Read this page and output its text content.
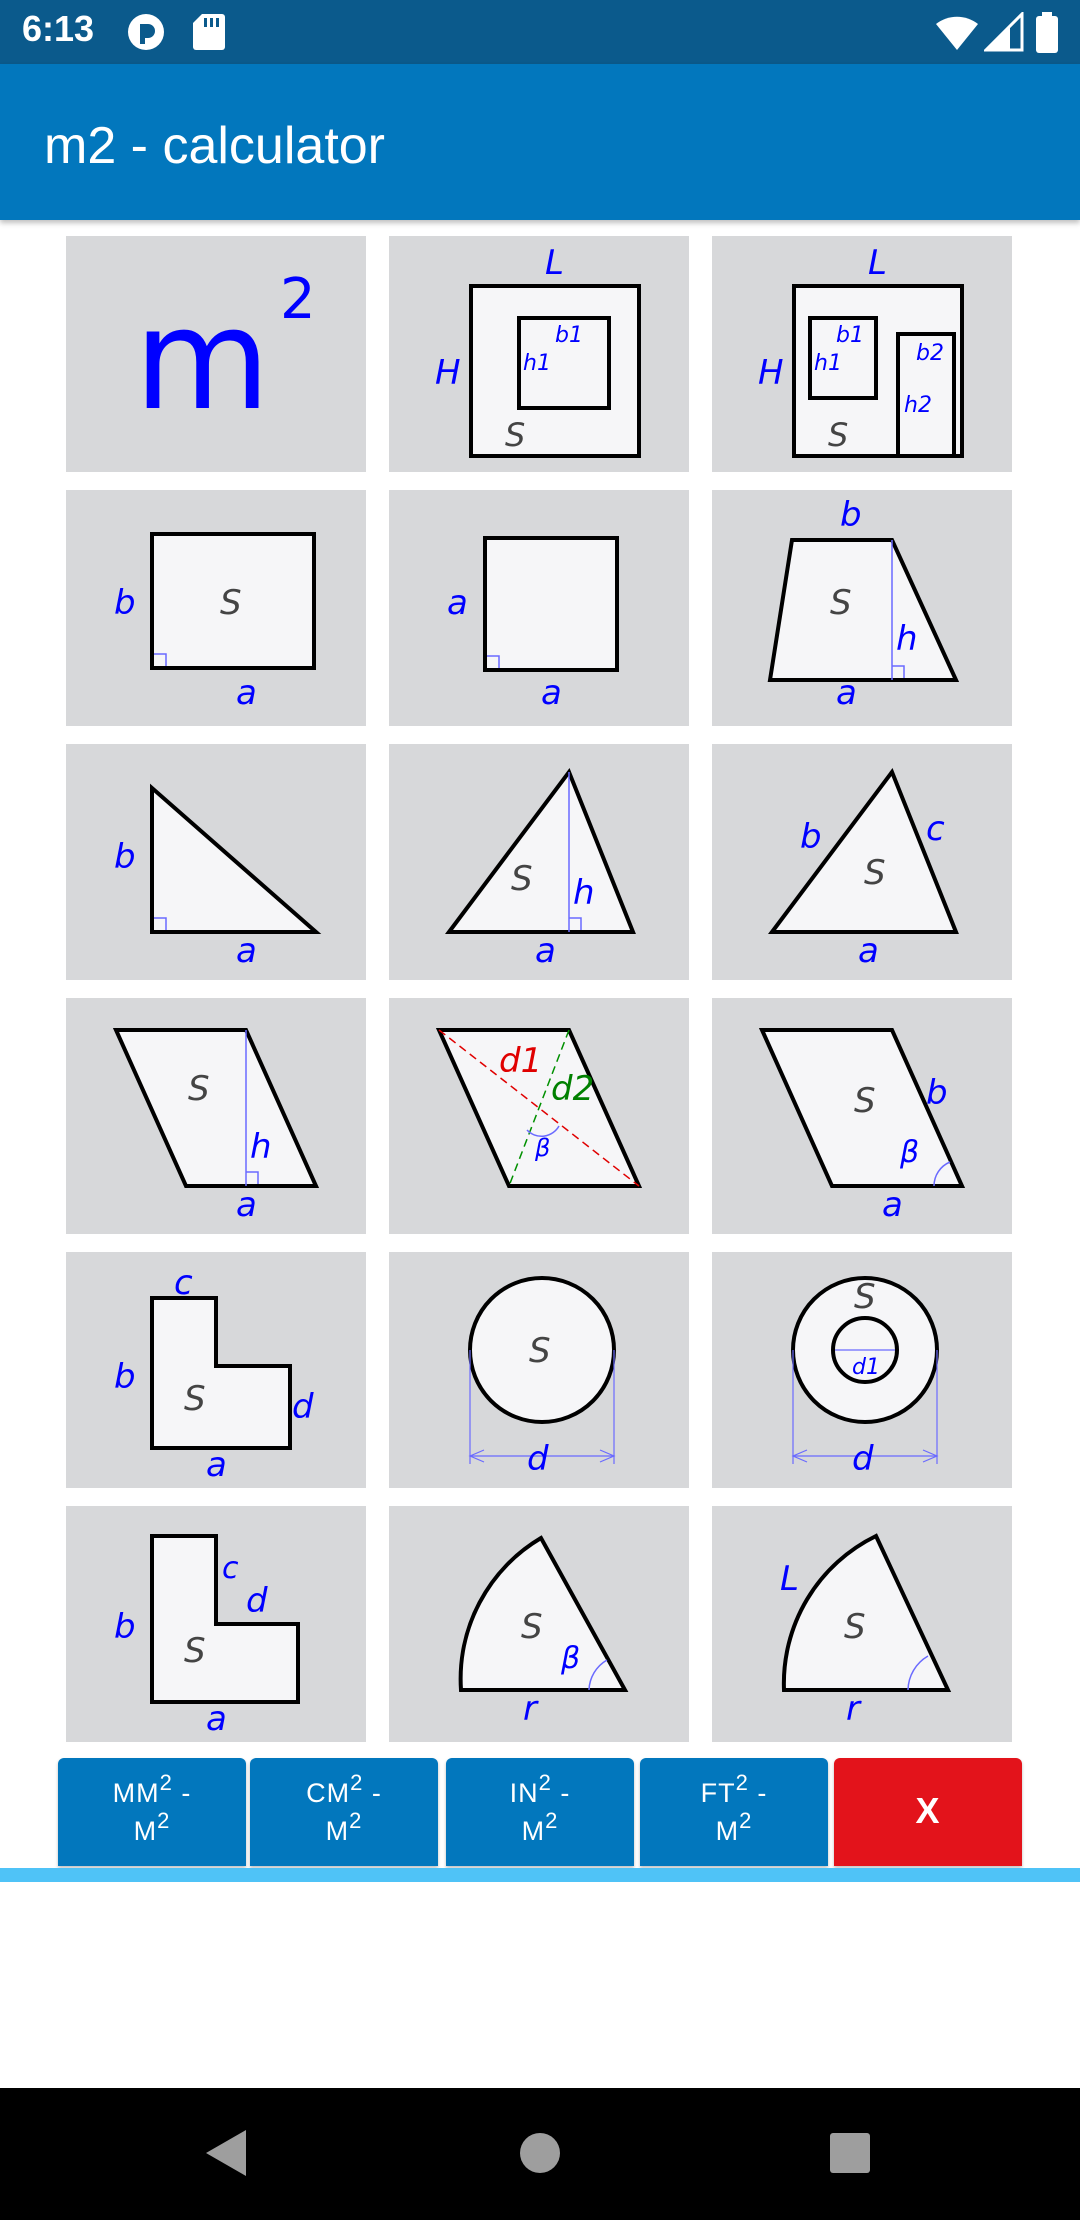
6:13
m2 - calculator
m 2
L
H
b1
h1
S
L
H
b1
h1	b2
h2
S
b S
a
a
a
b
S
h
a
b
a
S h
a
b	c
S
a
S
h
a
d1
d2
β
S b
β
a
c
b
S	d
a
S
d
S
d1
d
c
d
b
S
a
S
β
r
L
S
r
$MM^2$ -
$M^2$
$CM^2$ -
$M^2$
$IN^2$ -
$M^2$
$FT^2$ -
$M^2$	X
